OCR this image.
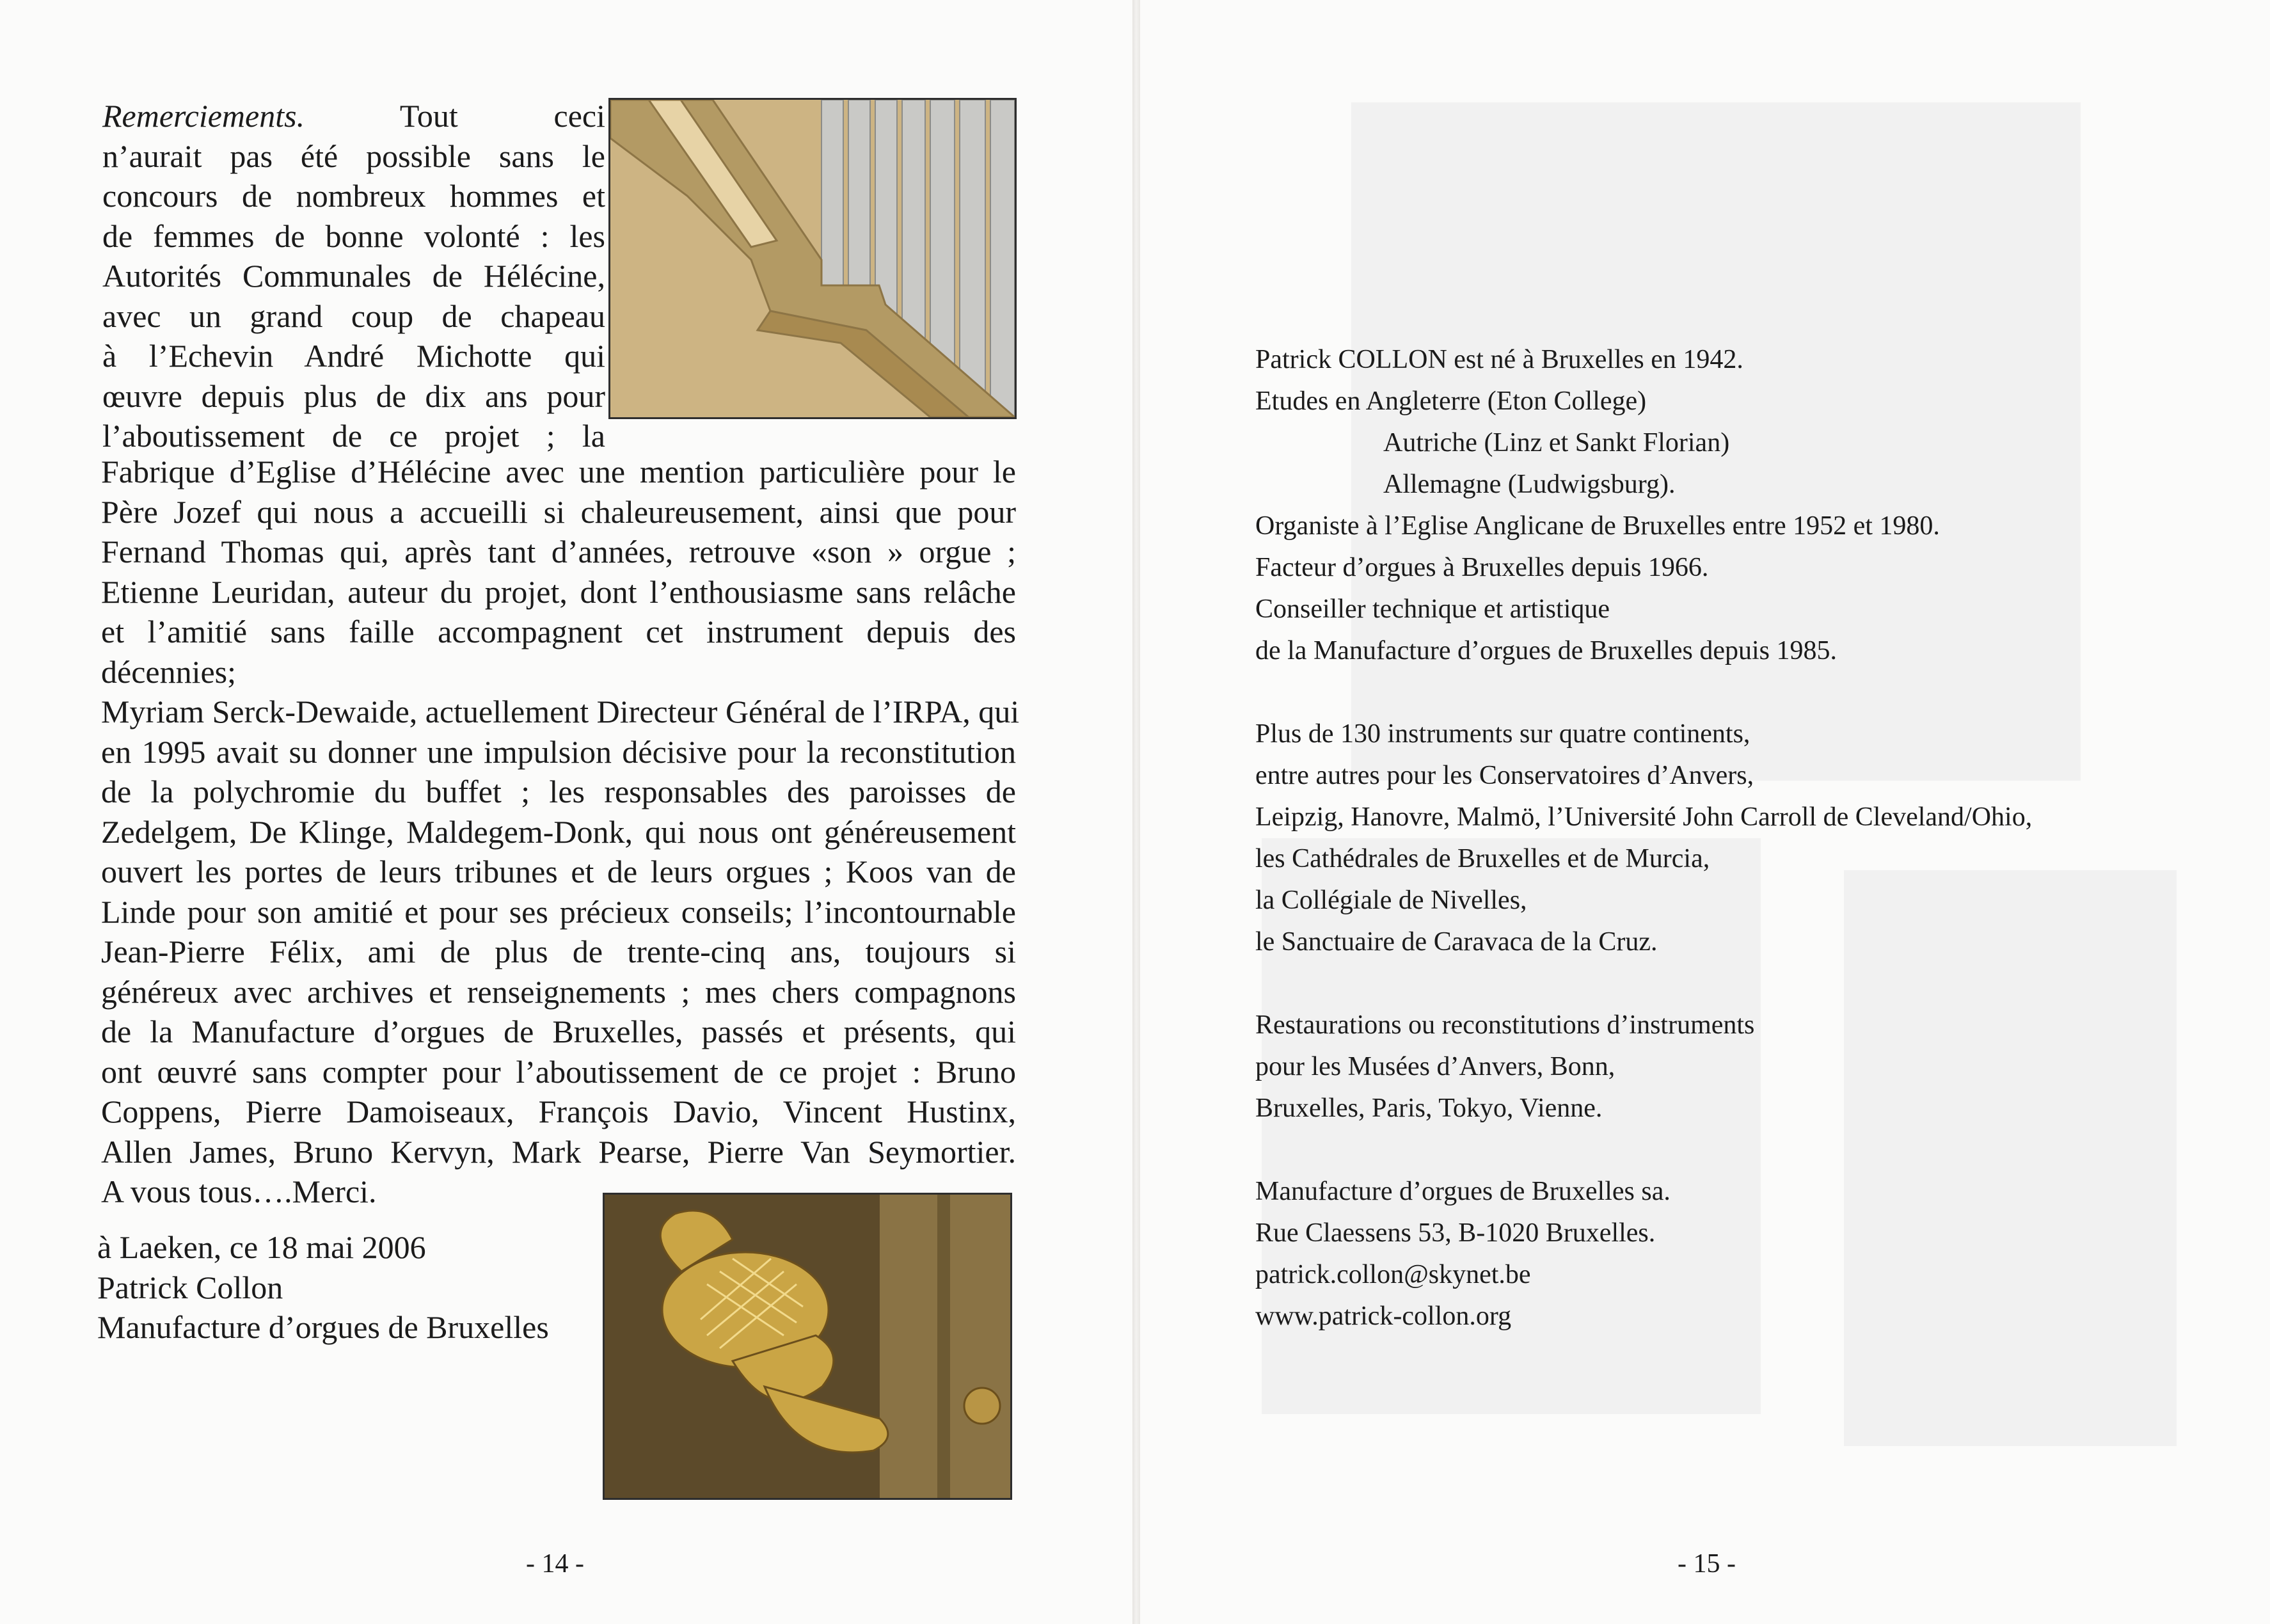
Remerciements. Tout ceci
n’aurait pas été possible sans le
concours de nombreux hommes et
de femmes de bonne volonté : les
Autorités Communales de Hélécine,
avec un grand coup de chapeau
à l’Echevin André Michotte qui
œuvre depuis plus de dix ans pour
l’aboutissement de ce projet ; la
Fabrique d’Eglise d’Hélécine avec une mention particulière pour le
Père Jozef qui nous a accueilli si chaleureusement, ainsi que pour
Fernand Thomas qui, après tant d’années, retrouve «son » orgue ;
Etienne Leuridan, auteur du projet, dont l’enthousiasme sans relâche
et l’amitié sans faille accompagnent cet instrument depuis des
décennies;
Myriam Serck-Dewaide, actuellement Directeur Général de l’IRPA, qui
en 1995 avait su donner une impulsion décisive pour la reconstitution
de la polychromie du buffet ; les responsables des paroisses de
Zedelgem, De Klinge, Maldegem-Donk, qui nous ont généreusement
ouvert les portes de leurs tribunes et de leurs orgues ; Koos van de
Linde pour son amitié et pour ses précieux conseils; l’incontournable
Jean-Pierre Félix, ami de plus de trente-cinq ans, toujours si
généreux avec archives et renseignements ; mes chers compagnons
de la Manufacture d’orgues de Bruxelles, passés et présents, qui
ont œuvré sans compter pour l’aboutissement de ce projet : Bruno
Coppens, Pierre Damoiseaux, François Davio, Vincent Hustinx,
Allen James, Bruno Kervyn, Mark Pearse, Pierre Van Seymortier.
A vous tous….Merci.
à Laeken, ce 18 mai 2006
Patrick Collon
Manufacture d’orgues de Bruxelles
- 14 -
Patrick COLLON est né à Bruxelles en 1942.
Etudes en Angleterre (Eton College)
Autriche (Linz et Sankt Florian)
Allemagne (Ludwigsburg).
Organiste à l’Eglise Anglicane de Bruxelles entre 1952 et 1980.
Facteur d’orgues à Bruxelles depuis 1966.
Conseiller technique et artistique
de la Manufacture d’orgues de Bruxelles depuis 1985.
Plus de 130 instruments sur quatre continents,
entre autres pour les Conservatoires d’Anvers,
Leipzig, Hanovre, Malmö, l’Université John Carroll de Cleveland/Ohio,
les Cathédrales de Bruxelles et de Murcia,
la Collégiale de Nivelles,
le Sanctuaire de Caravaca de la Cruz.
Restaurations ou reconstitutions d’instruments
pour les Musées d’Anvers, Bonn,
Bruxelles, Paris, Tokyo, Vienne.
Manufacture d’orgues de Bruxelles sa.
Rue Claessens 53, B-1020 Bruxelles.
patrick.collon@skynet.be
www.patrick-collon.org
- 15 -
